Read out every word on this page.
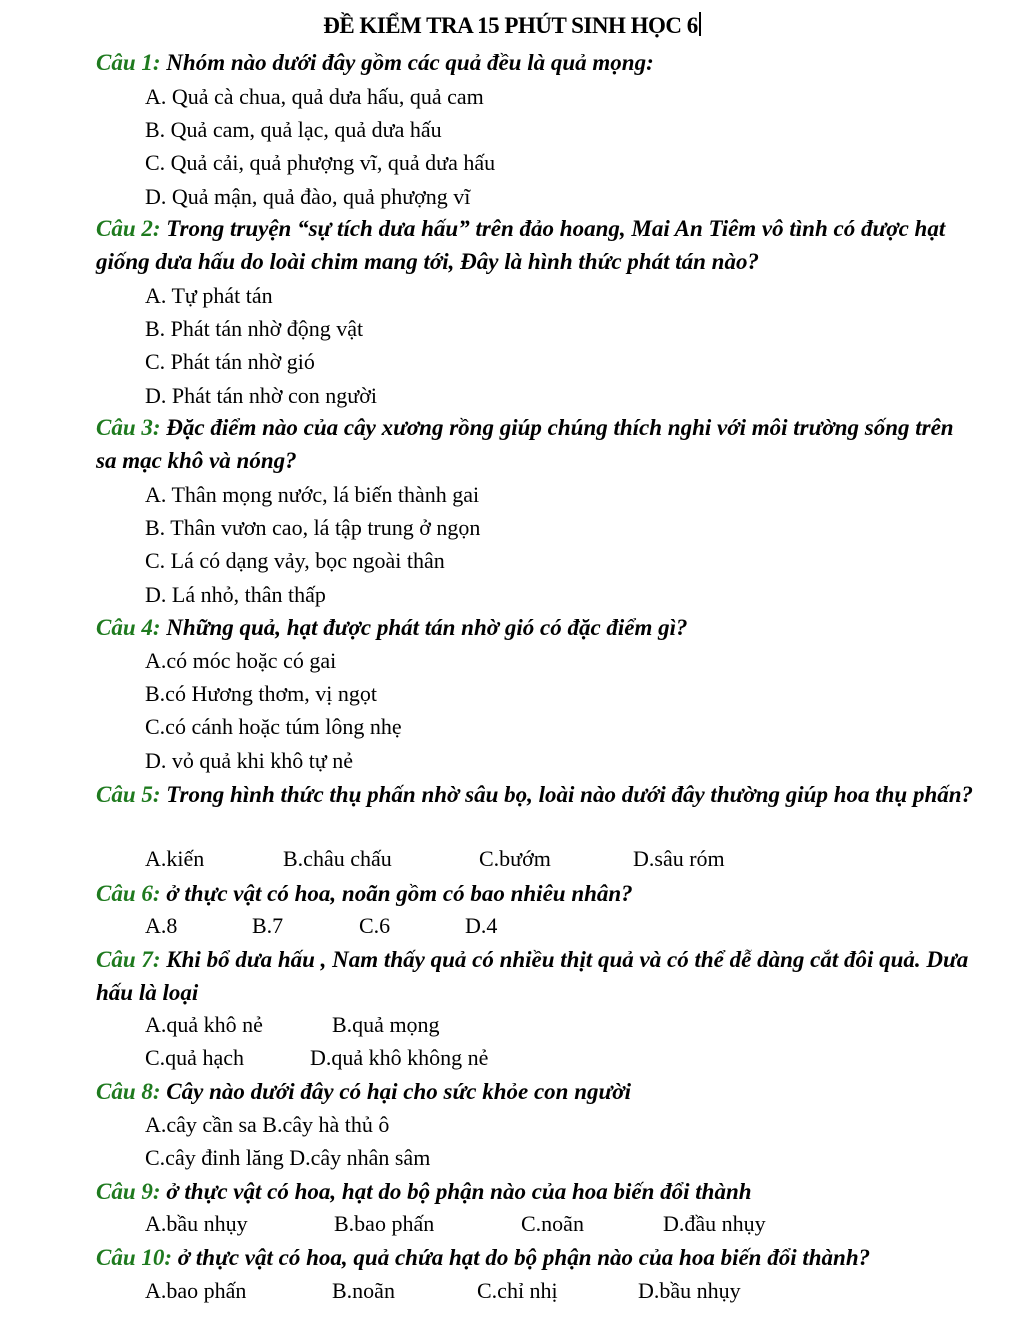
ĐỀ KIỂM TRA 15 PHÚT SINH HỌC 6
Câu 1: Nhóm nào dưới đây gồm các quả đều là quả mọng:
A. Quả cà chua, quả dưa hấu, quả cam
B. Quả cam, quả lạc, quả dưa hấu
C. Quả cải, quả phượng vĩ, quả dưa hấu
D. Quả mận, quả đào, quả phượng vĩ
Câu 2: Trong truyện “sự tích dưa hấu” trên đảo hoang, Mai An Tiêm vô tình có được hạt giống dưa hấu do loài chim mang tới, Đây là hình thức phát tán nào?
A. Tự phát tán
B. Phát tán nhờ động vật
C. Phát tán nhờ gió
D. Phát tán nhờ con người
Câu 3: Đặc điểm nào của cây xương rồng giúp chúng thích nghi với môi trường sống trên sa mạc khô và nóng?
A. Thân mọng nước, lá biến thành gai
B. Thân vươn cao, lá tập trung ở ngọn
C. Lá có dạng vảy, bọc ngoài thân
D. Lá nhỏ, thân thấp
Câu 4: Những quả, hạt được phát tán nhờ gió có đặc điểm gì?
A.có móc hoặc có gai
B.có Hương thơm, vị ngọt
C.có cánh hoặc túm lông nhẹ
D. vỏ quả khi khô tự nẻ
Câu 5: Trong hình thức thụ phấn nhờ sâu bọ, loài nào dưới đây thường giúp hoa thụ phấn?
A.kiến	B.châu chấu	C.bướm	D.sâu róm
Câu 6: ở thực vật có hoa, noãn gồm có bao nhiêu nhân?
A.8	B.7	C.6	D.4
Câu 7: Khi bổ dưa hấu , Nam thấy quả có nhiều thịt quả và có thể dễ dàng cắt đôi quả. Dưa hấu là loại
A.quả khô nẻ	B.quả mọng
C.quả hạch	D.quả khô không nẻ
Câu 8: Cây nào dưới đây có hại cho sức khỏe con người
A.cây cần sa B.cây hà thủ ô
C.cây đinh lăng D.cây nhân sâm
Câu 9: ở thực vật có hoa, hạt do bộ phận nào của hoa biến đổi thành
A.bầu nhụy	B.bao phấn	C.noãn	D.đầu nhụy
Câu 10: ở thực vật có hoa, quả chứa hạt do bộ phận nào của hoa biến đổi thành?
A.bao phấn	B.noãn	C.chỉ nhị	D.bầu nhụy
